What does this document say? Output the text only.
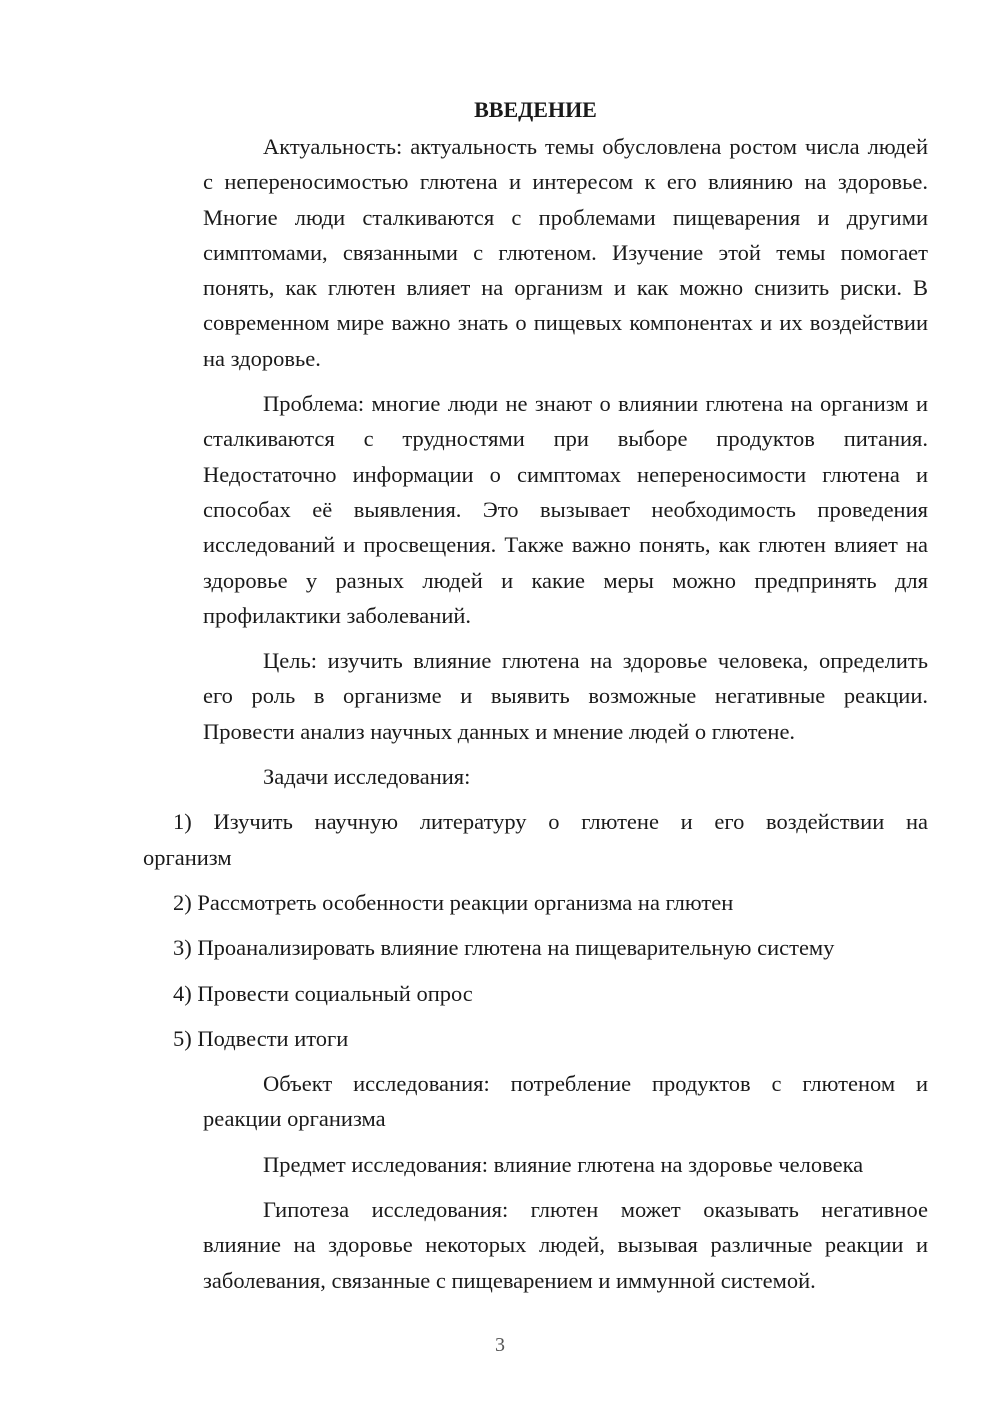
ВВЕДЕНИЕ
Актуальность: актуальность темы обусловлена ростом числа людей
с непереносимостью глютена и интересом к его влиянию на здоровье.
Многие люди сталкиваются с проблемами пищеварения и другими
симптомами, связанными с глютеном. Изучение этой темы помогает
понять, как глютен влияет на организм и как можно снизить риски. В
современном мире важно знать о пищевых компонентах и их воздействии
на здоровье.
Проблема: многие люди не знают о влиянии глютена на организм и
сталкиваются с трудностями при выборе продуктов питания.
Недостаточно информации о симптомах непереносимости глютена и
способах её выявления. Это вызывает необходимость проведения
исследований и просвещения. Также важно понять, как глютен влияет на
здоровье у разных людей и какие меры можно предпринять для
профилактики заболеваний.
Цель: изучить влияние глютена на здоровье человека, определить
его роль в организме и выявить возможные негативные реакции.
Провести анализ научных данных и мнение людей о глютене.
Задачи исследования:
1) Изучить научную литературу о глютене и его воздействии на
организм
2) Рассмотреть особенности реакции организма на глютен
3) Проанализировать влияние глютена на пищеварительную систему
4) Провести социальный опрос
5) Подвести итоги
Объект исследования: потребление продуктов с глютеном и
реакции организма
Предмет исследования: влияние глютена на здоровье человека
Гипотеза исследования: глютен может оказывать негативное
влияние на здоровье некоторых людей, вызывая различные реакции и
заболевания, связанные с пищеварением и иммунной системой.
3
